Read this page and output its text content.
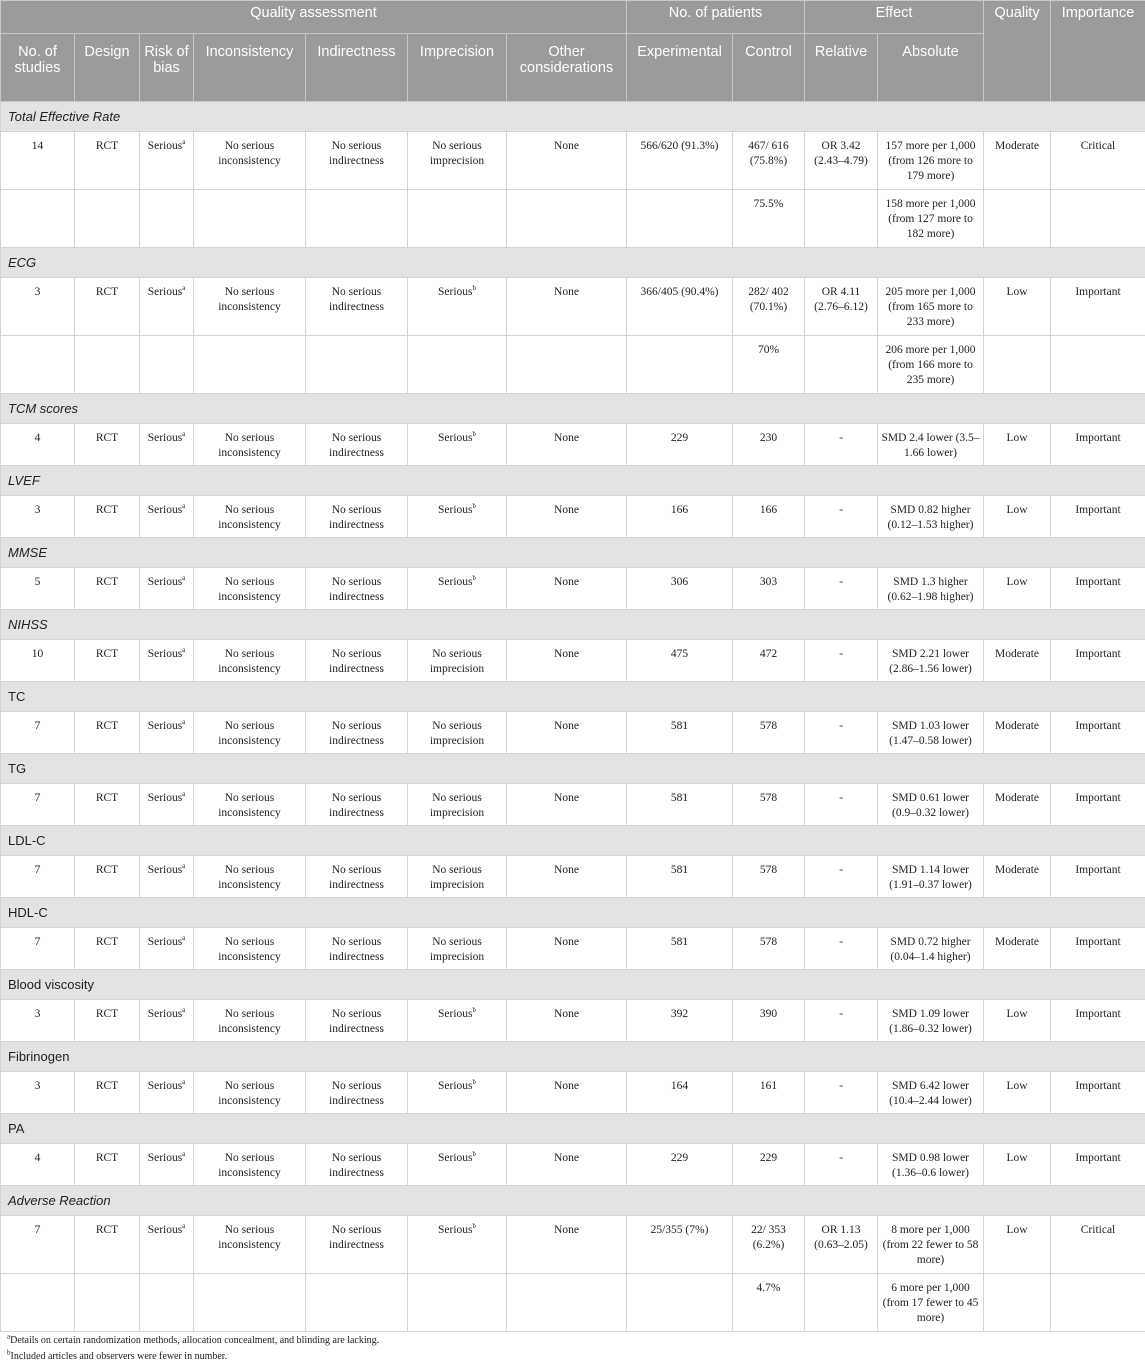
Quality assessment							No. of patients		Effect		Quality	Importance
No. of studies	Design	Risk of bias	Inconsistency	Indirectness	Imprecision	Other considerations	Experimental	Control	Relative	Absolute		
Total Effective Rate												
14	RCT	Serious$^a$	No serious inconsistency	No serious indirectness	No serious imprecision	None	566/620 (91.3%)	467/ 616 (75.8%)	OR 3.42 (2.43–4.79)	157 more per 1,000 (from 126 more to 179 more)	Moderate	Critical
								75.5%		158 more per 1,000 (from 127 more to 182 more)		
ECG												
3	RCT	Serious$^a$	No serious inconsistency	No serious indirectness	Serious$^b$	None	366/405 (90.4%)	282/ 402 (70.1%)	OR 4.11 (2.76–6.12)	205 more per 1,000 (from 165 more to 233 more)	Low	Important
								70%		206 more per 1,000 (from 166 more to 235 more)		
TCM scores												
4	RCT	Serious$^a$	No serious inconsistency	No serious indirectness	Serious$^b$	None	229	230	-	SMD 2.4 lower (3.5–1.66 lower)	Low	Important
LVEF												
3	RCT	Serious$^a$	No serious inconsistency	No serious indirectness	Serious$^b$	None	166	166	-	SMD 0.82 higher (0.12–1.53 higher)	Low	Important
MMSE												
5	RCT	Serious$^a$	No serious inconsistency	No serious indirectness	Serious$^b$	None	306	303	-	SMD 1.3 higher (0.62–1.98 higher)	Low	Important
NIHSS												
10	RCT	Serious$^a$	No serious inconsistency	No serious indirectness	No serious imprecision	None	475	472	-	SMD 2.21 lower (2.86–1.56 lower)	Moderate	Important
TC												
7	RCT	Serious$^a$	No serious inconsistency	No serious indirectness	No serious imprecision	None	581	578	-	SMD 1.03 lower (1.47–0.58 lower)	Moderate	Important
TG												
7	RCT	Serious$^a$	No serious inconsistency	No serious indirectness	No serious imprecision	None	581	578	-	SMD 0.61 lower (0.9–0.32 lower)	Moderate	Important
LDL-C												
7	RCT	Serious$^a$	No serious inconsistency	No serious indirectness	No serious imprecision	None	581	578	-	SMD 1.14 lower (1.91–0.37 lower)	Moderate	Important
HDL-C												
7	RCT	Serious$^a$	No serious inconsistency	No serious indirectness	No serious imprecision	None	581	578	-	SMD 0.72 higher (0.04–1.4 higher)	Moderate	Important
Blood viscosity												
3	RCT	Serious$^a$	No serious inconsistency	No serious indirectness	Serious$^b$	None	392	390	-	SMD 1.09 lower (1.86–0.32 lower)	Low	Important
Fibrinogen												
3	RCT	Serious$^a$	No serious inconsistency	No serious indirectness	Serious$^b$	None	164	161	-	SMD 6.42 lower (10.4–2.44 lower)	Low	Important
PA												
4	RCT	Serious$^a$	No serious inconsistency	No serious indirectness	Serious$^b$	None	229	229	-	SMD 0.98 lower (1.36–0.6 lower)	Low	Important
Adverse Reaction												
7	RCT	Serious$^a$	No serious inconsistency	No serious indirectness	Serious$^b$	None	25/355 (7%)	22/ 353 (6.2%)	OR 1.13 (0.63–2.05)	8 more per 1,000 (from 22 fewer to 58 more)	Low	Critical
								4.7%		6 more per 1,000 (from 17 fewer to 45 more)		
$^a$Details on certain randomization methods, allocation concealment, and blinding are lacking.
$^b$Included articles and observers were fewer in number.
